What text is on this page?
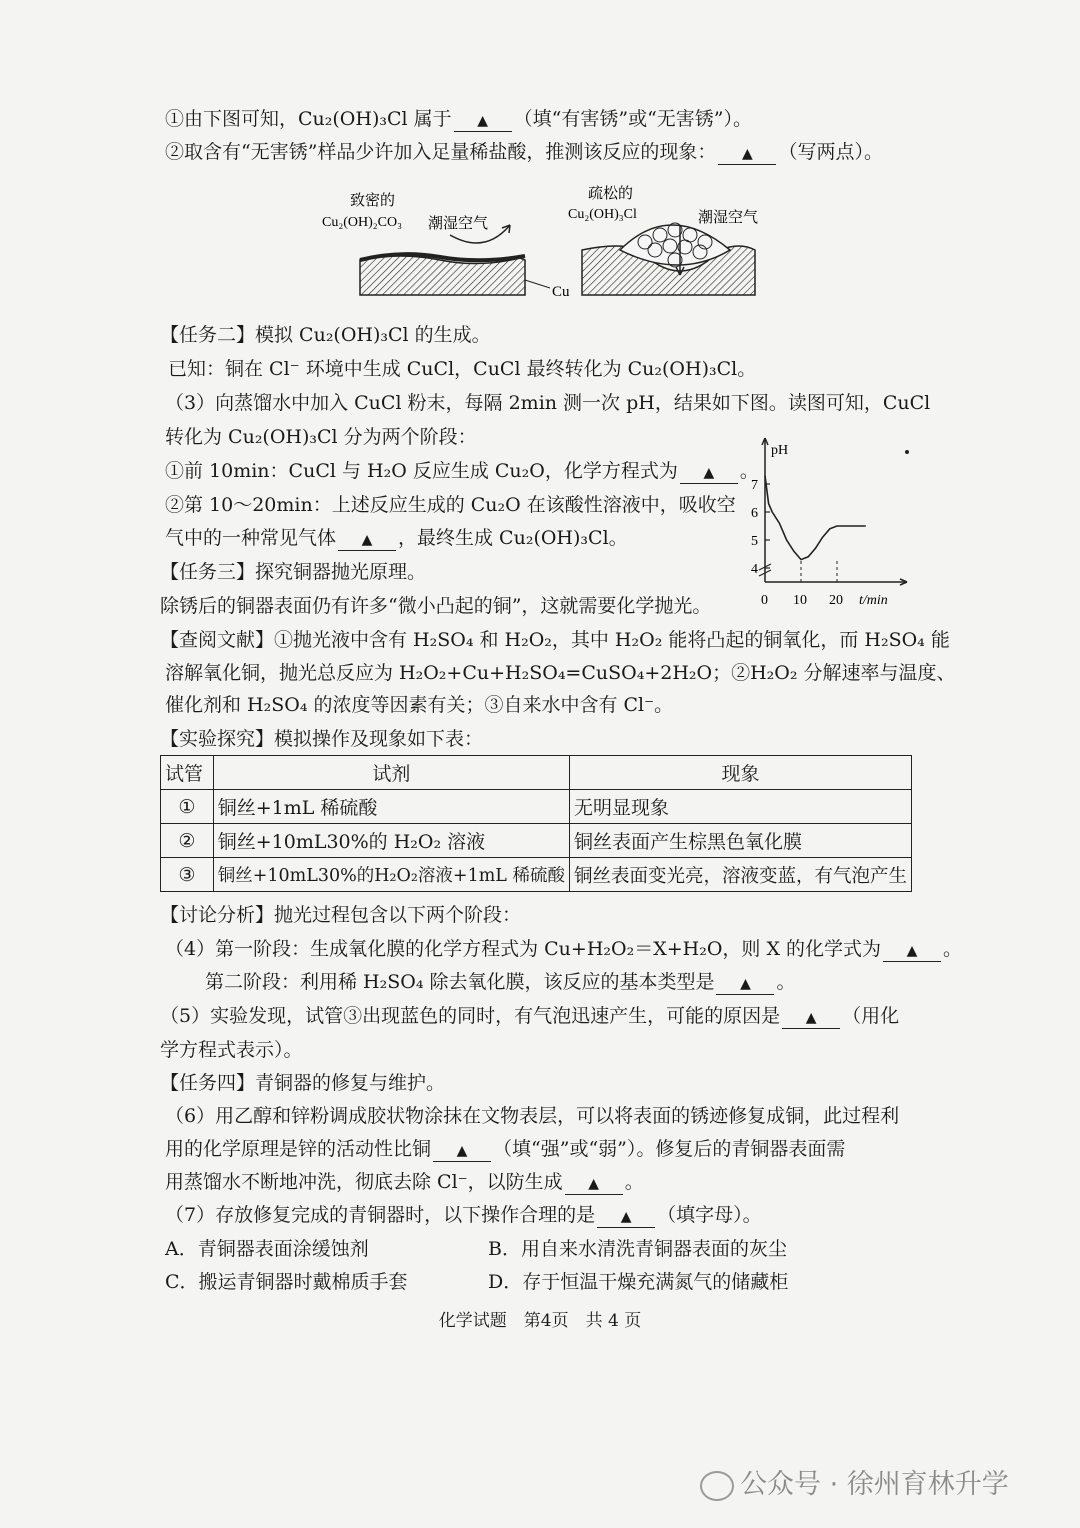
①由下图可知，Cu₂(OH)₃Cl 属于 ▲ （填“有害锈”或“无害锈”）。
②取含有“无害锈”样品少许加入足量稀盐酸，推测该反应的现象： ▲ （写两点）。
致密的
Cu₂(OH)₂CO₃ 潮湿空气
疏松的
Cu₂(OH)₃Cl	潮湿空气
Cu
【任务二】模拟 Cu₂(OH)₃Cl 的生成。
已知：铜在 Cl⁻ 环境中生成 CuCl，CuCl 最终转化为 Cu₂(OH)₃Cl。
（3）向蒸馏水中加入 CuCl 粉末，每隔 2min 测一次 pH，结果如下图。读图可知，CuCl
转化为 Cu₂(OH)₃Cl 分为两个阶段：
①前 10min：CuCl 与 H₂O 反应生成 Cu₂O，化学方程式为 ▲ 。
②第 10～20min：上述反应生成的 Cu₂O 在该酸性溶液中，吸收空
气中的一种常见气体 ▲ ，最终生成 Cu₂(OH)₃Cl。
【任务三】探究铜器抛光原理。
除锈后的铜器表面仍有许多“微小凸起的铜”，这就需要化学抛光。
pH
t/min
4
5
6
7
0 10 20
【查阅文献】①抛光液中含有 H₂SO₄ 和 H₂O₂，其中 H₂O₂ 能将凸起的铜氧化，而 H₂SO₄ 能
溶解氧化铜，抛光总反应为 H₂O₂+Cu+H₂SO₄=CuSO₄+2H₂O；②H₂O₂ 分解速率与温度、
催化剂和 H₂SO₄ 的浓度等因素有关；③自来水中含有 Cl⁻。
【实验探究】模拟操作及现象如下表：
试管	试剂	现象
①	铜丝+1mL 稀硫酸	无明显现象
②	铜丝+10mL30%的 H₂O₂ 溶液	铜丝表面产生棕黑色氧化膜
③	铜丝+10mL30%的H₂O₂溶液+1mL 稀硫酸	铜丝表面变光亮，溶液变蓝，有气泡产生
【讨论分析】抛光过程包含以下两个阶段：
（4）第一阶段：生成氧化膜的化学方程式为 Cu+H₂O₂＝X+H₂O，则 X 的化学式为 ▲ 。
第二阶段：利用稀 H₂SO₄ 除去氧化膜，该反应的基本类型是 ▲ 。
（5）实验发现，试管③出现蓝色的同时，有气泡迅速产生，可能的原因是 ▲ （用化
学方程式表示）。
【任务四】青铜器的修复与维护。
（6）用乙醇和锌粉调成胶状物涂抹在文物表层，可以将表面的锈迹修复成铜，此过程利
用的化学原理是锌的活动性比铜 ▲ （填“强”或“弱”）。修复后的青铜器表面需
用蒸馏水不断地冲洗，彻底去除 Cl⁻，以防生成 ▲ 。
（7）存放修复完成的青铜器时，以下操作合理的是 ▲ （填字母）。
A．青铜器表面涂缓蚀剂	B．用自来水清洗青铜器表面的灰尘
C．搬运青铜器时戴棉质手套	D．存于恒温干燥充满氮气的储藏柜
化学试题　第4页　共 4 页
公众号 · 徐州育林升学
